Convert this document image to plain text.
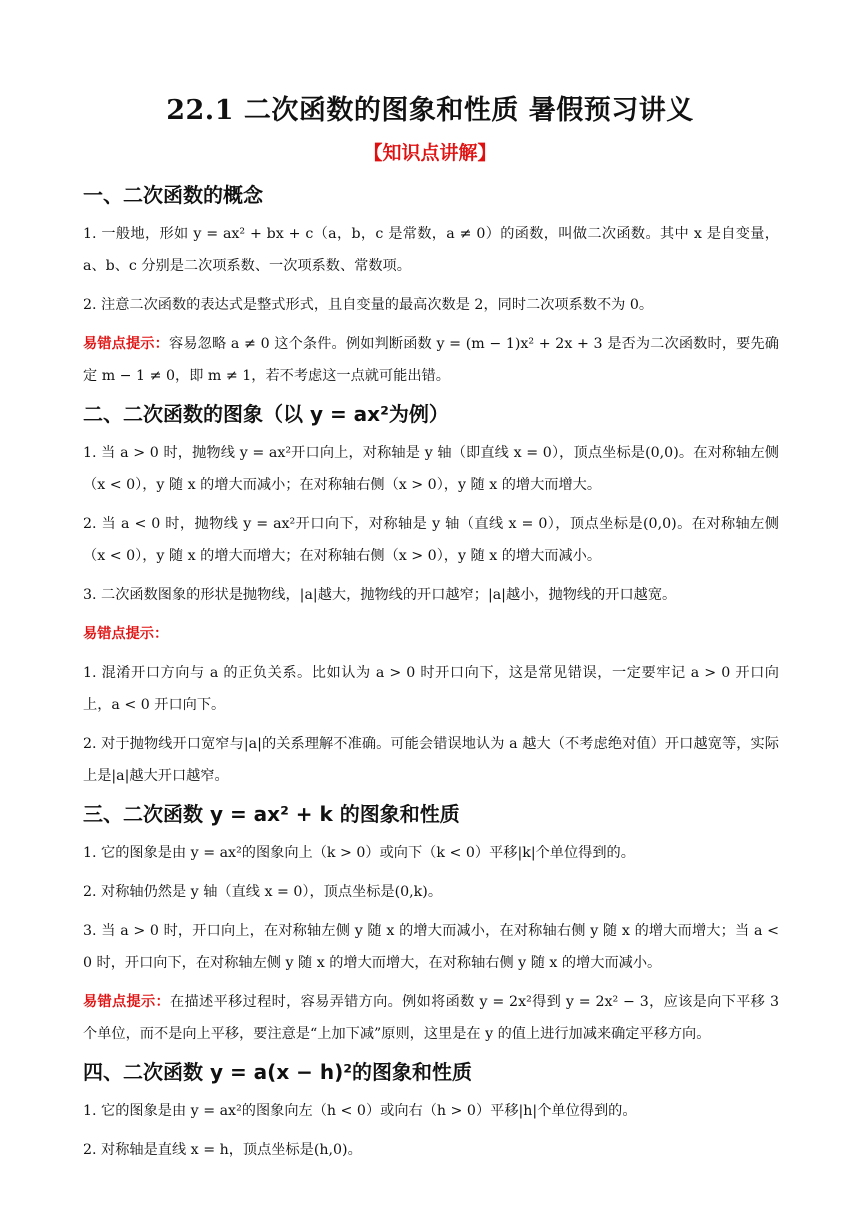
22.1 二次函数的图象和性质 暑假预习讲义
【知识点讲解】
一、二次函数的概念

1. 一般地，形如 y = ax² + bx + c（a，b，c 是常数，a ≠ 0）的函数，叫做二次函数。其中 x 是自变量，a、b、c 分别是二次项系数、一次项系数、常数项。

2. 注意二次函数的表达式是整式形式，且自变量的最高次数是 2，同时二次项系数不为 0。

易错点提示：容易忽略 a ≠ 0 这个条件。例如判断函数 y = (m − 1)x² + 2x + 3 是否为二次函数时，要先确定 m − 1 ≠ 0，即 m ≠ 1，若不考虑这一点就可能出错。

二、二次函数的图象（以 y = ax²为例）

1. 当 a > 0 时，抛物线 y = ax²开口向上，对称轴是 y 轴（即直线 x = 0），顶点坐标是(0,0)。在对称轴左侧（x < 0），y 随 x 的增大而减小；在对称轴右侧（x > 0），y 随 x 的增大而增大。

2. 当 a < 0 时，抛物线 y = ax²开口向下，对称轴是 y 轴（直线 x = 0），顶点坐标是(0,0)。在对称轴左侧（x < 0），y 随 x 的增大而增大；在对称轴右侧（x > 0），y 随 x 的增大而减小。

3. 二次函数图象的形状是抛物线，|a|越大，抛物线的开口越窄；|a|越小，抛物线的开口越宽。

易错点提示：

1. 混淆开口方向与 a 的正负关系。比如认为 a > 0 时开口向下，这是常见错误，一定要牢记 a > 0 开口向上，a < 0 开口向下。

2. 对于抛物线开口宽窄与|a|的关系理解不准确。可能会错误地认为 a 越大（不考虑绝对值）开口越宽等，实际上是|a|越大开口越窄。

三、二次函数 y = ax² + k 的图象和性质

1. 它的图象是由 y = ax²的图象向上（k > 0）或向下（k < 0）平移|k|个单位得到的。

2. 对称轴仍然是 y 轴（直线 x = 0），顶点坐标是(0,k)。

3. 当 a > 0 时，开口向上，在对称轴左侧 y 随 x 的增大而减小，在对称轴右侧 y 随 x 的增大而增大；当 a < 0 时，开口向下，在对称轴左侧 y 随 x 的增大而增大，在对称轴右侧 y 随 x 的增大而减小。

易错点提示：在描述平移过程时，容易弄错方向。例如将函数 y = 2x²得到 y = 2x² − 3，应该是向下平移 3 个单位，而不是向上平移，要注意是“上加下减”原则，这里是在 y 的值上进行加减来确定平移方向。

四、二次函数 y = a(x − h)²的图象和性质

1. 它的图象是由 y = ax²的图象向左（h < 0）或向右（h > 0）平移|h|个单位得到的。

2. 对称轴是直线 x = h，顶点坐标是(h,0)。
